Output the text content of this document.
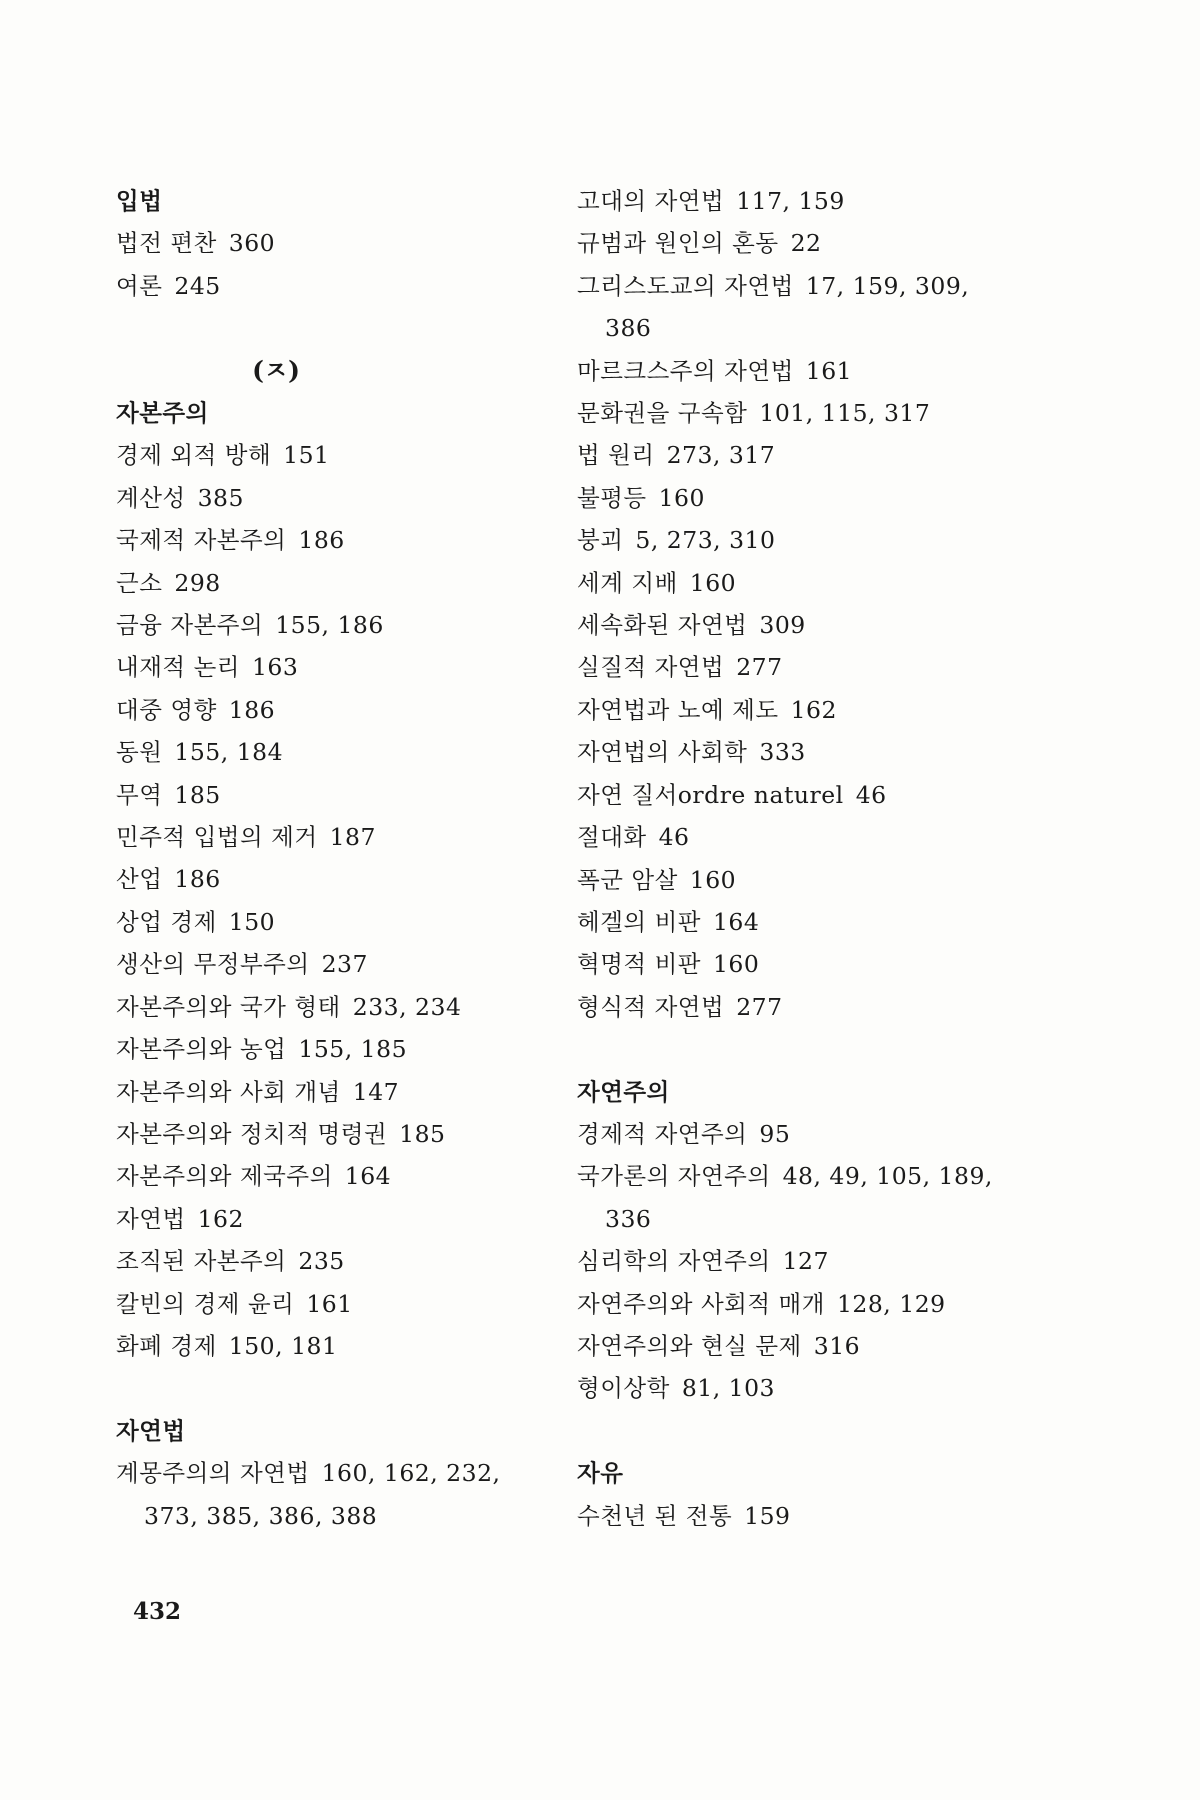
입법
법전 편찬 360
여론 245
(ㅈ)
자본주의
경제 외적 방해 151
계산성 385
국제적 자본주의 186
근소 298
금융 자본주의 155, 186
내재적 논리 163
대중 영향 186
동원 155, 184
무역 185
민주적 입법의 제거 187
산업 186
상업 경제 150
생산의 무정부주의 237
자본주의와 국가 형태 233, 234
자본주의와 농업 155, 185
자본주의와 사회 개념 147
자본주의와 정치적 명령권 185
자본주의와 제국주의 164
자연법 162
조직된 자본주의 235
칼빈의 경제 윤리 161
화폐 경제 150, 181
자연법
계몽주의의 자연법 160, 162, 232,
373, 385, 386, 388
고대의 자연법 117, 159
규범과 원인의 혼동 22
그리스도교의 자연법 17, 159, 309,
386
마르크스주의 자연법 161
문화권을 구속함 101, 115, 317
법 원리 273, 317
불평등 160
붕괴 5, 273, 310
세계 지배 160
세속화된 자연법 309
실질적 자연법 277
자연법과 노예 제도 162
자연법의 사회학 333
자연 질서ordre naturel 46
절대화 46
폭군 암살 160
헤겔의 비판 164
혁명적 비판 160
형식적 자연법 277
자연주의
경제적 자연주의 95
국가론의 자연주의 48, 49, 105, 189,
336
심리학의 자연주의 127
자연주의와 사회적 매개 128, 129
자연주의와 현실 문제 316
형이상학 81, 103
자유
수천년 된 전통 159
432
